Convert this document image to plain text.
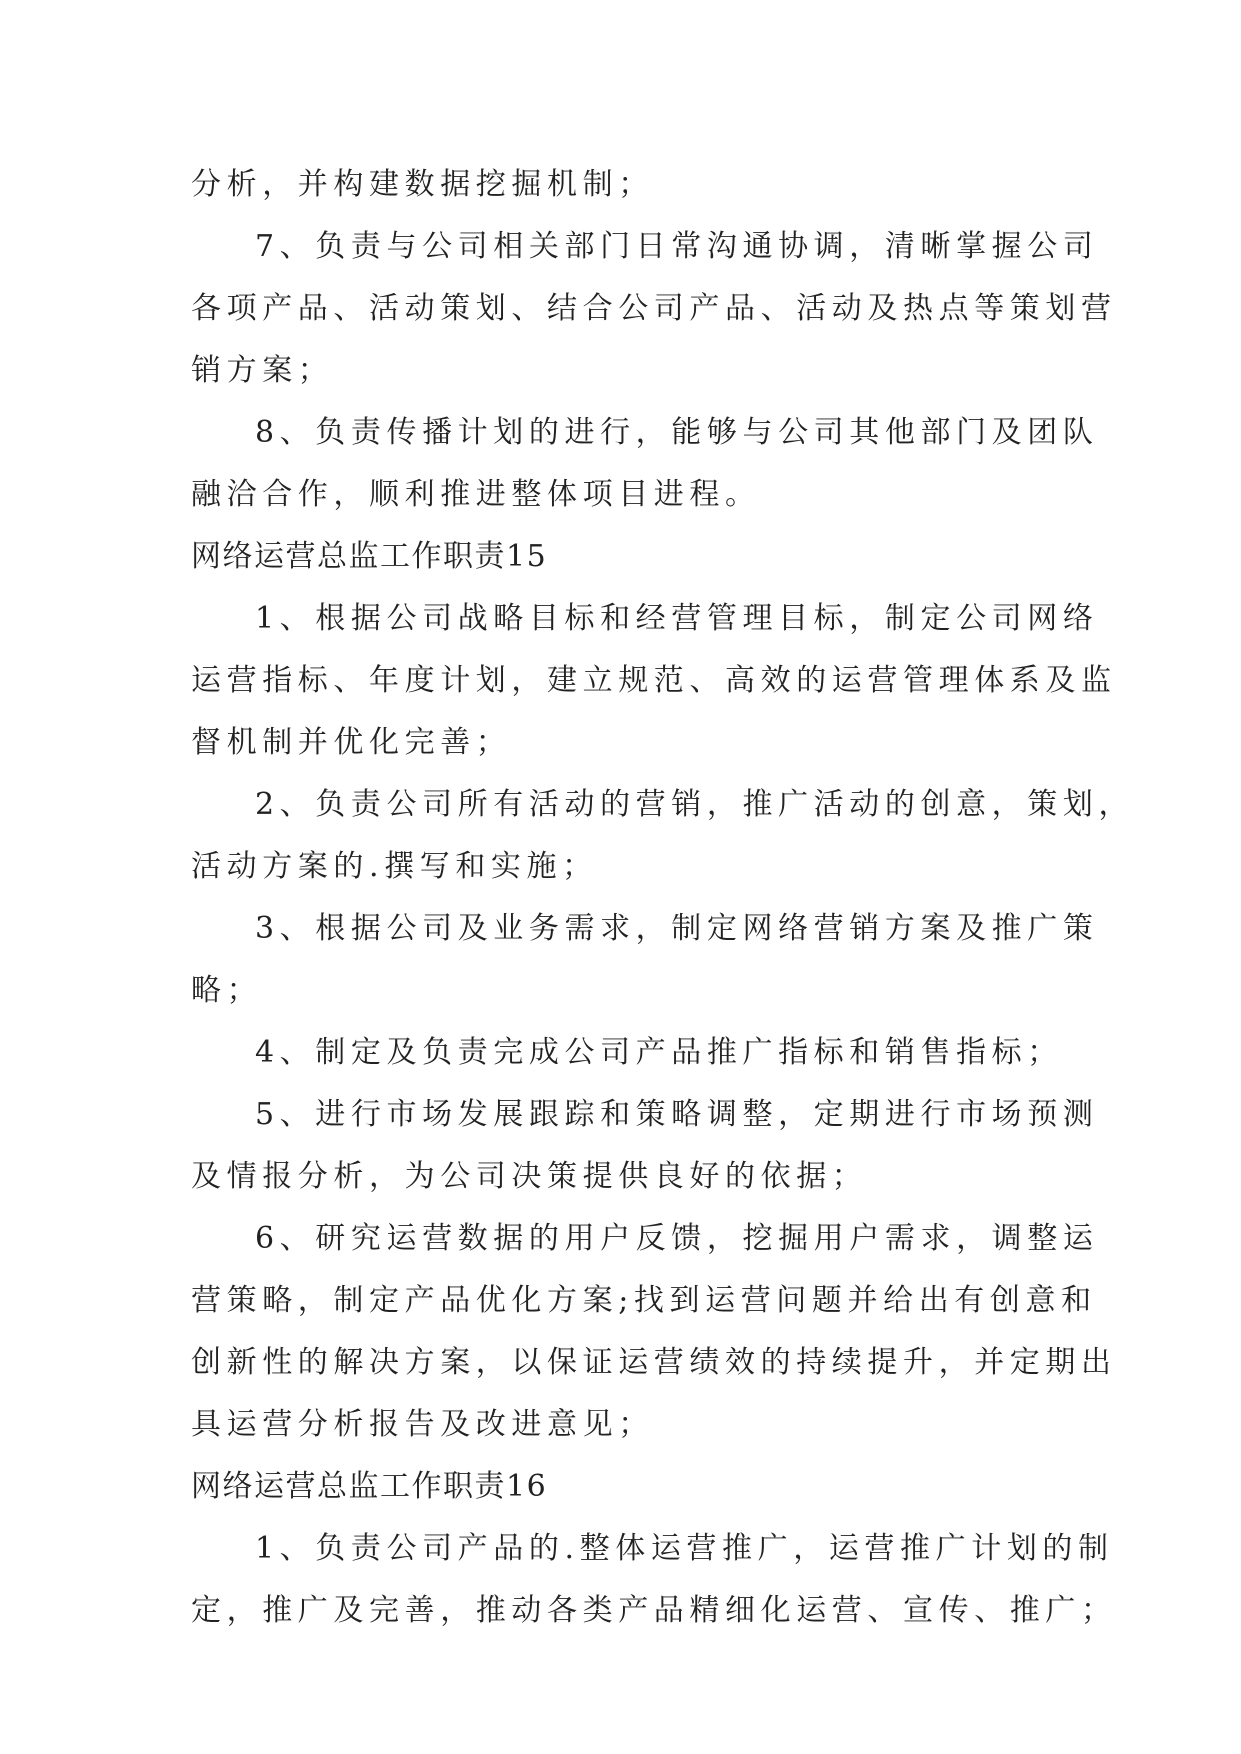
分析，并构建数据挖掘机制；
7、负责与公司相关部门日常沟通协调，清晰掌握公司
各项产品、活动策划、结合公司产品、活动及热点等策划营
销方案；
8、负责传播计划的进行，能够与公司其他部门及团队
融洽合作，顺利推进整体项目进程。
网络运营总监工作职责15
1、根据公司战略目标和经营管理目标，制定公司网络
运营指标、年度计划，建立规范、高效的运营管理体系及监
督机制并优化完善；
2、负责公司所有活动的营销，推广活动的创意，策划，
活动方案的.撰写和实施；
3、根据公司及业务需求，制定网络营销方案及推广策
略；
4、制定及负责完成公司产品推广指标和销售指标；
5、进行市场发展跟踪和策略调整，定期进行市场预测
及情报分析，为公司决策提供良好的依据；
6、研究运营数据的用户反馈，挖掘用户需求，调整运
营策略，制定产品优化方案;找到运营问题并给出有创意和
创新性的解决方案，以保证运营绩效的持续提升，并定期出
具运营分析报告及改进意见；
网络运营总监工作职责16
1、负责公司产品的.整体运营推广，运营推广计划的制
定，推广及完善，推动各类产品精细化运营、宣传、推广；
